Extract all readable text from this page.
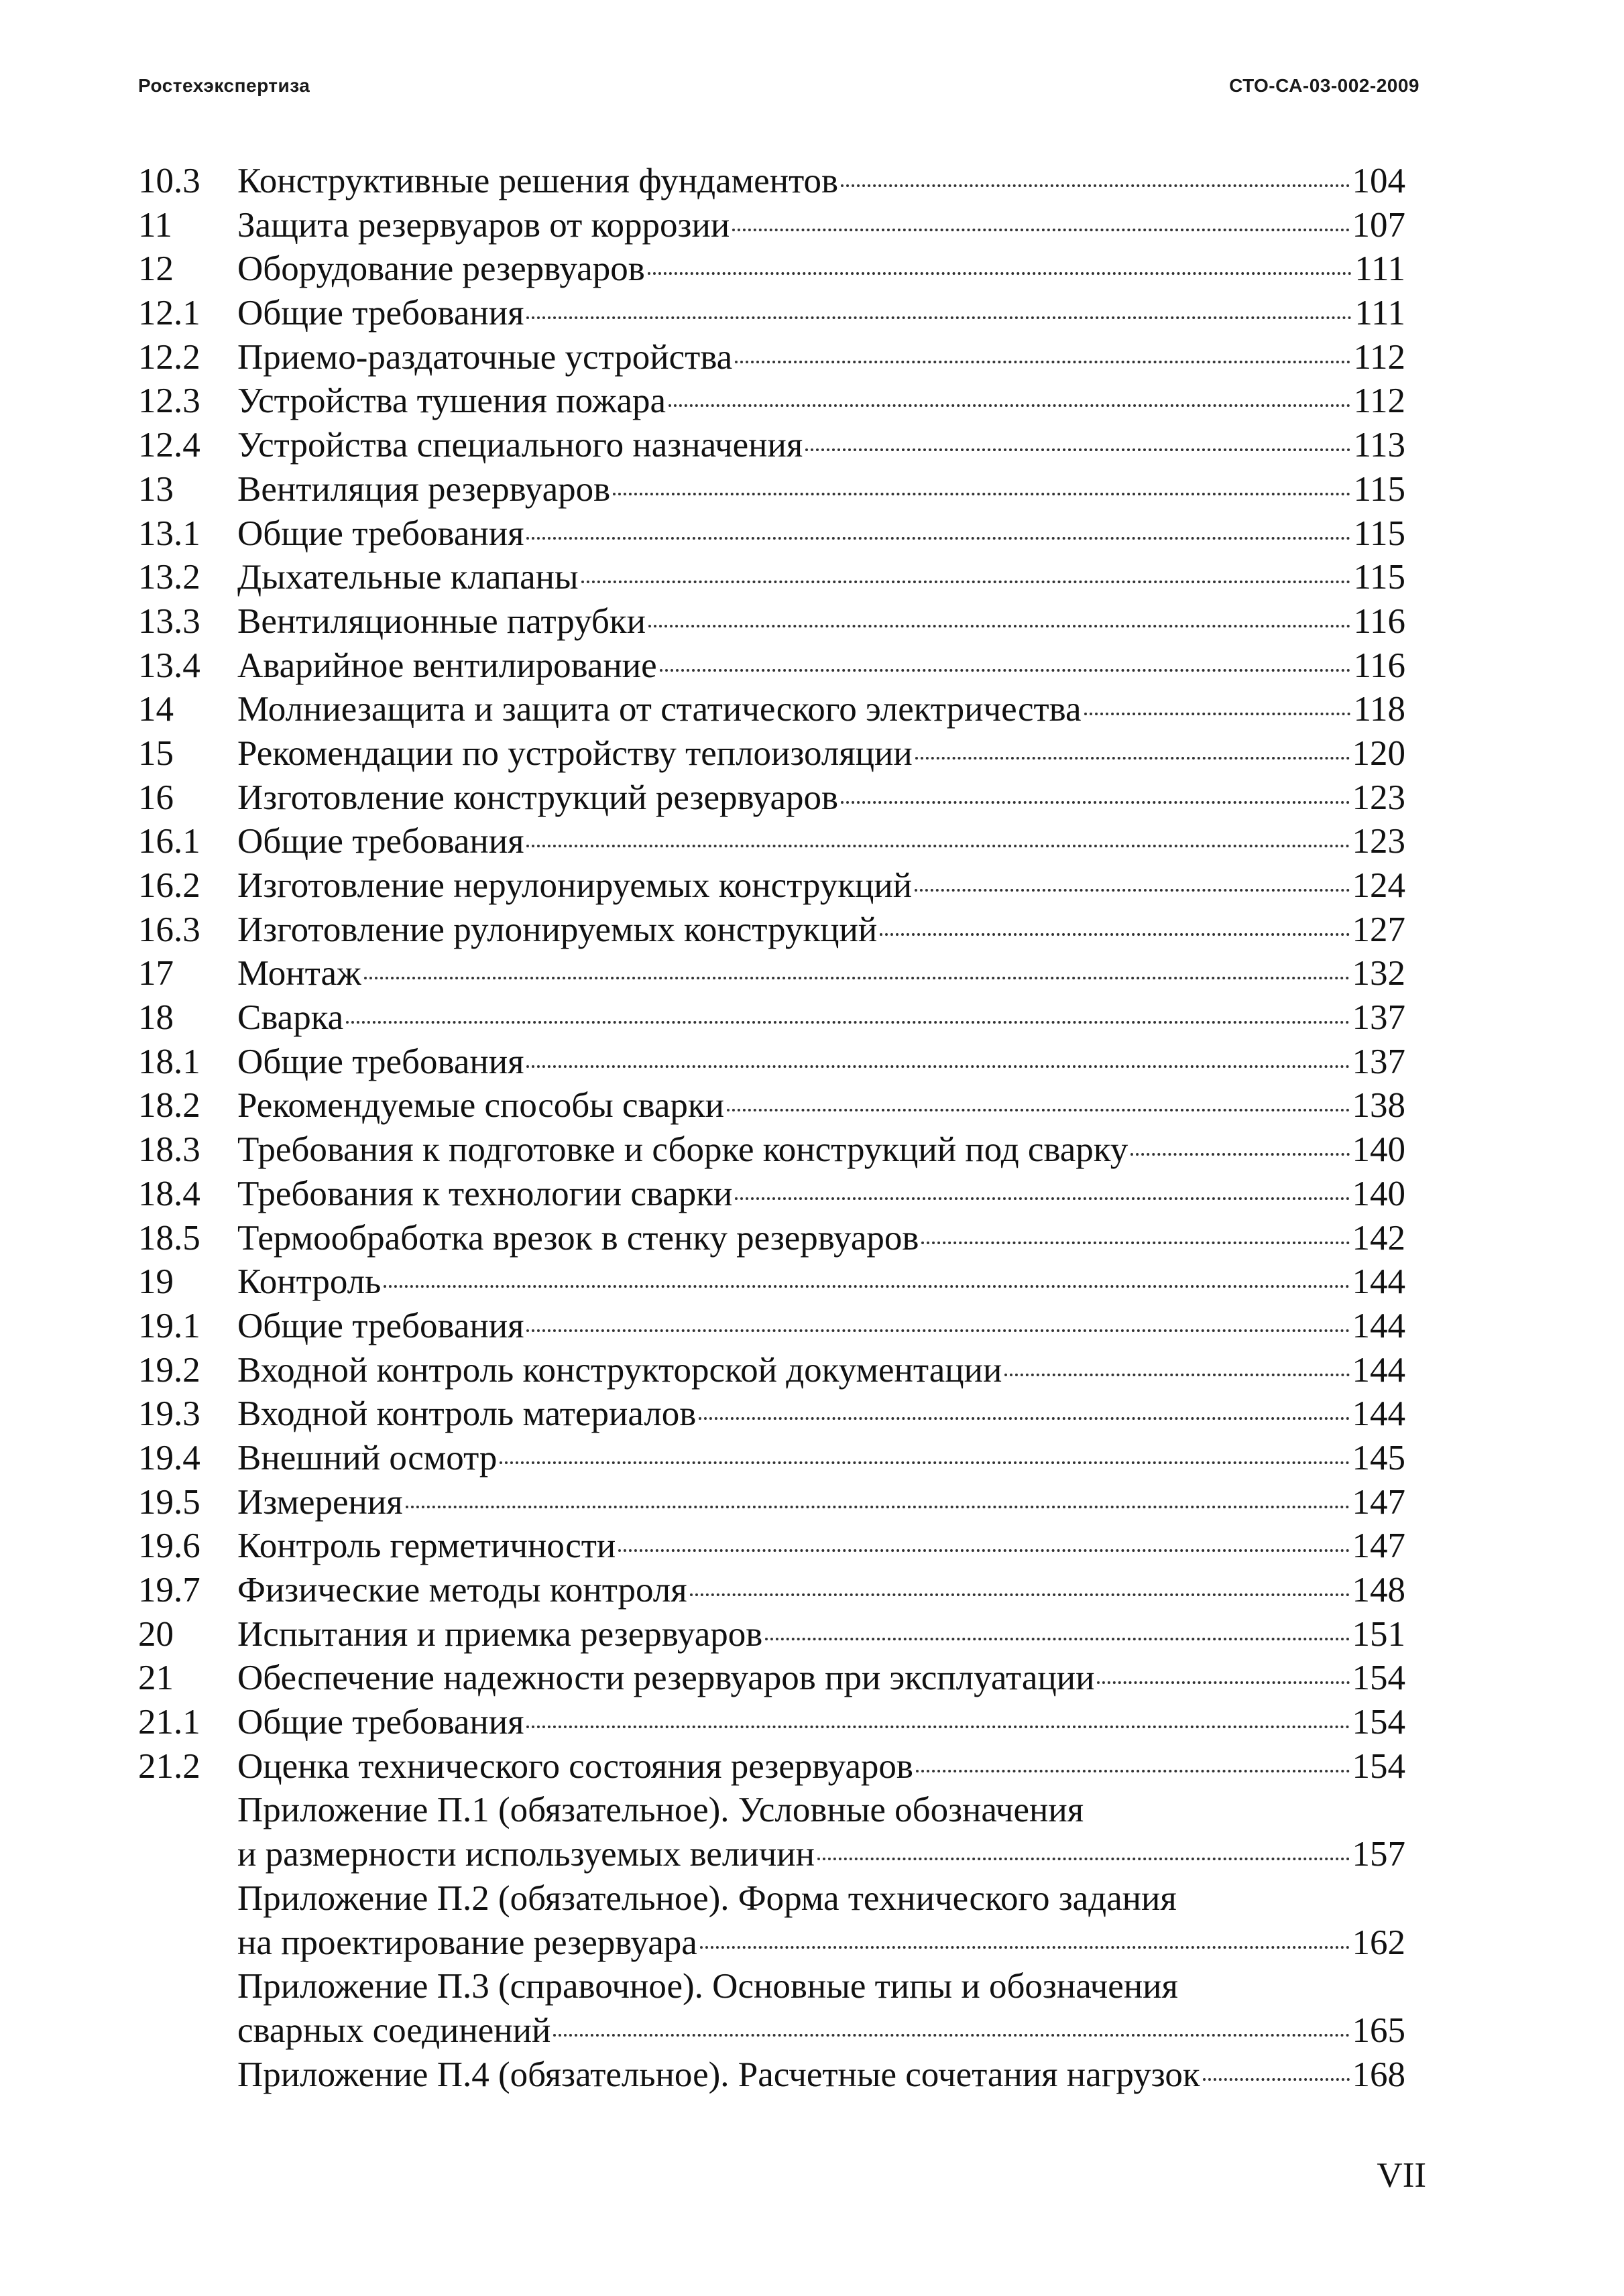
Ростехэкспертиза	СТО-СА-03-002-2009
10.3	Конструктивные решения фундаментов	104
11	Защита резервуаров от коррозии	107
12	Оборудование резервуаров	111
12.1	Общие требования	111
12.2	Приемо-раздаточные устройства	112
12.3	Устройства тушения пожара	112
12.4	Устройства специального назначения	113
13	Вентиляция резервуаров	115
13.1	Общие требования	115
13.2	Дыхательные клапаны	115
13.3	Вентиляционные патрубки	116
13.4	Аварийное вентилирование	116
14	Молниезащита и защита от статического электричества	118
15	Рекомендации по устройству теплоизоляции	120
16	Изготовление конструкций резервуаров	123
16.1	Общие требования	123
16.2	Изготовление нерулонируемых конструкций	124
16.3	Изготовление рулонируемых конструкций	127
17	Монтаж	132
18	Сварка	137
18.1	Общие требования	137
18.2	Рекомендуемые способы сварки	138
18.3	Требования к подготовке и сборке конструкций под сварку	140
18.4	Требования к технологии сварки	140
18.5	Термообработка врезок в стенку резервуаров	142
19	Контроль	144
19.1	Общие требования	144
19.2	Входной контроль конструкторской документации	144
19.3	Входной контроль материалов	144
19.4	Внешний осмотр	145
19.5	Измерения	147
19.6	Контроль герметичности	147
19.7	Физические методы контроля	148
20	Испытания и приемка резервуаров	151
21	Обеспечение надежности резервуаров при эксплуатации	154
21.1	Общие требования	154
21.2	Оценка технического состояния резервуаров	154
Приложение П.1 (обязательное). Условные обозначения
и размерности используемых величин	157
Приложение П.2 (обязательное). Форма технического задания
на проектирование резервуара	162
Приложение П.3 (справочное). Основные типы и обозначения
сварных соединений	165
Приложение П.4 (обязательное). Расчетные сочетания нагрузок	168
VII
